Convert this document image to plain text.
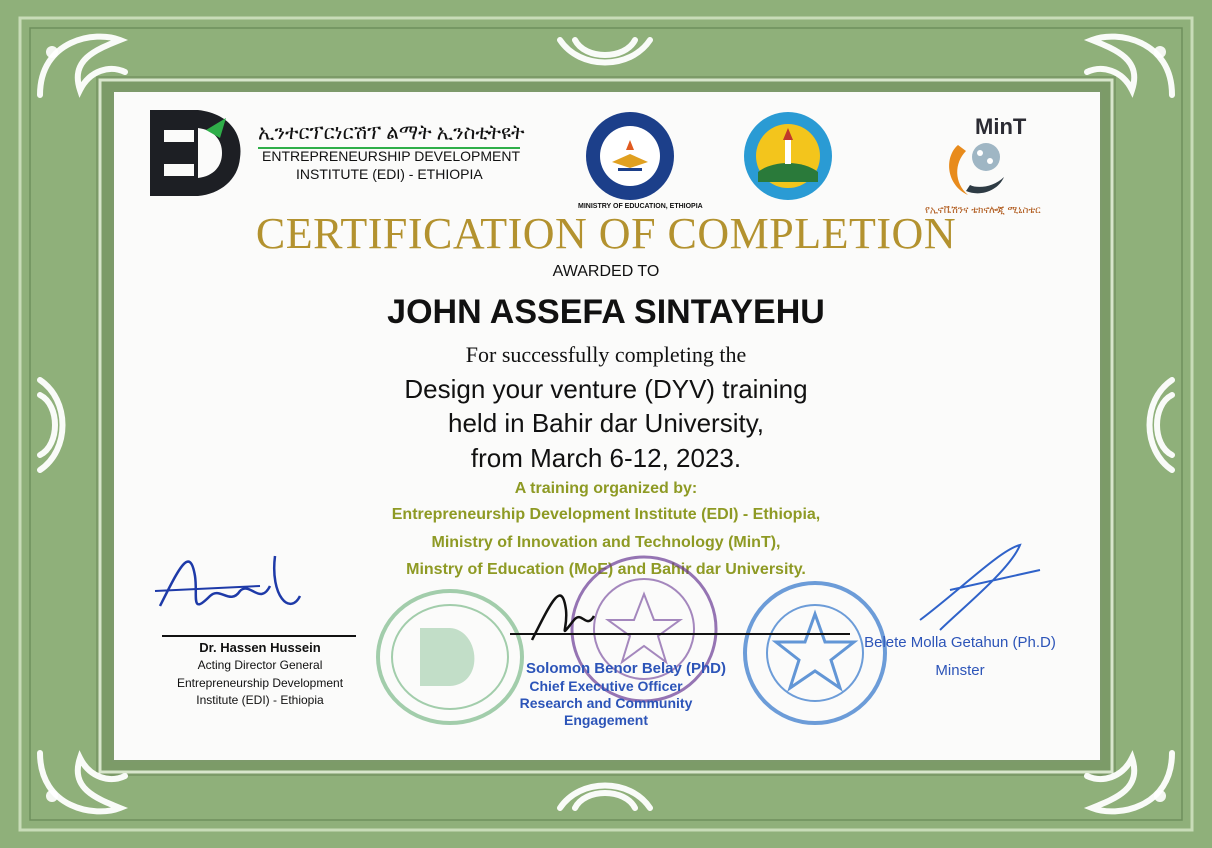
ኢንተርፕርነርሽፕ ልማት ኢንስቲትዩት
ENTREPRENEURSHIP DEVELOPMENT
INSTITUTE (EDI) - ETHIOPIA
MINISTRY OF EDUCATION, ETHIOPIA
MinT
የኢኖቬሽንና ቴክኖሎጂ ሚኒስቴር
CERTIFICATION OF COMPLETION
AWARDED TO
JOHN ASSEFA SINTAYEHU
For successfully completing the
Design your venture (DYV) training
held in Bahir dar University,
from March 6-12, 2023.
A training organized by:
Entrepreneurship Development Institute (EDI) - Ethiopia,
Ministry of Innovation and Technology (MinT),
Minstry of Education (MoE) and Bahir dar University.
Dr. Hassen Hussein
Acting Director General
Entrepreneurship Development
Institute (EDI) - Ethiopia
Solomon Benor Belay (PhD)
Chief Executive Officer
Research and Community
Engagement
Belete Molla Getahun (Ph.D)
Minster
